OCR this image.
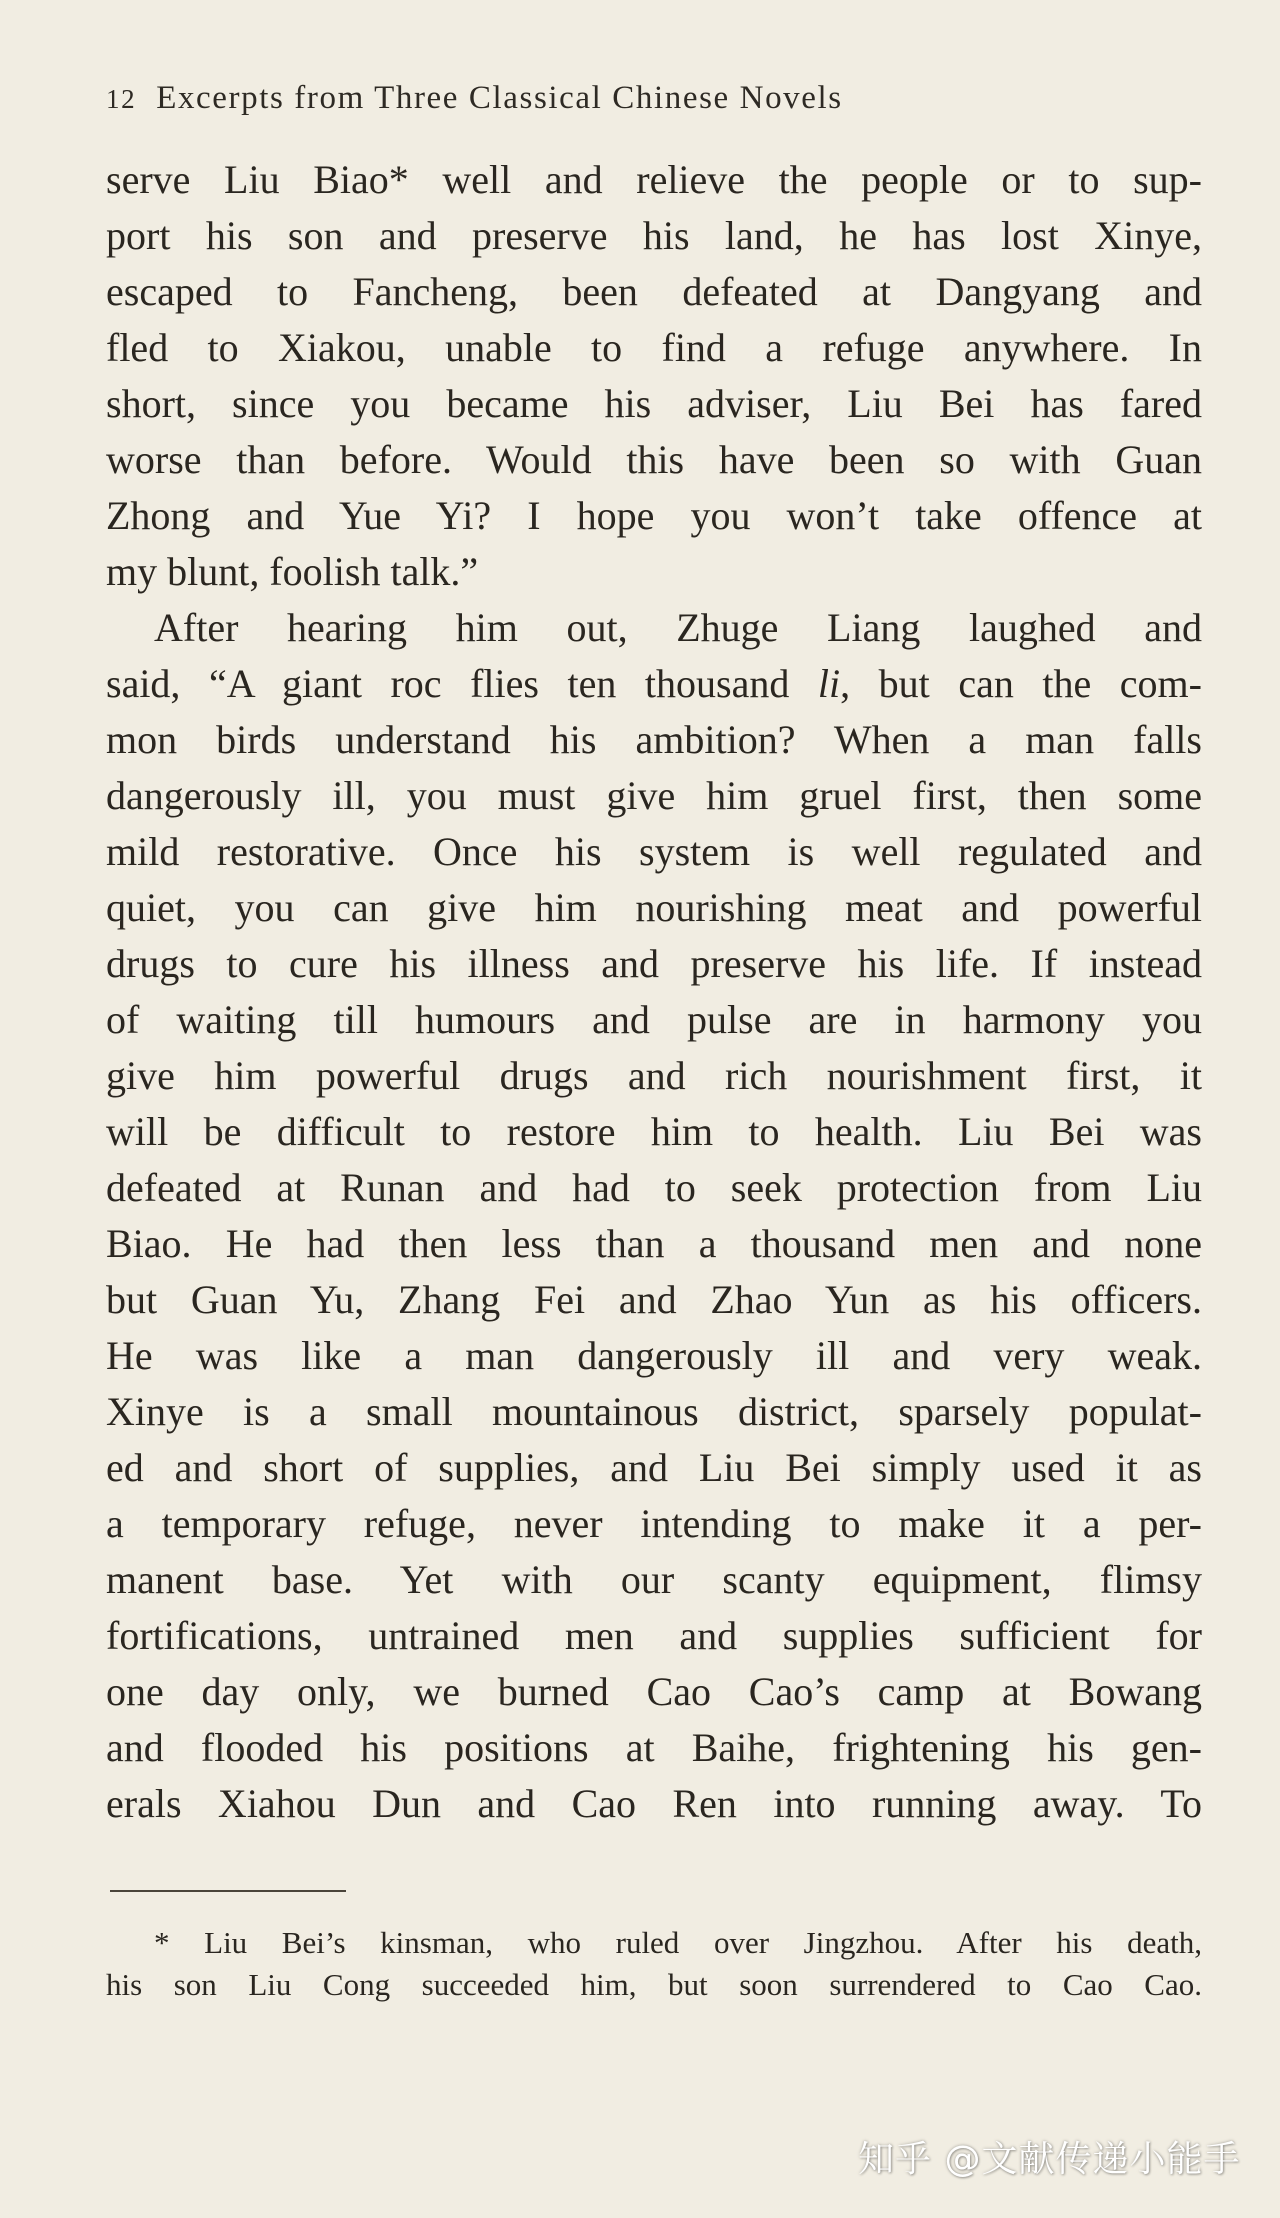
12 Excerpts from Three Classical Chinese Novels
serve Liu Biao* well and relieve the people or to sup-
port his son and preserve his land, he has lost Xinye,
escaped to Fancheng, been defeated at Dangyang and
fled to Xiakou, unable to find a refuge anywhere. In
short, since you became his adviser, Liu Bei has fared
worse than before. Would this have been so with Guan
Zhong and Yue Yi? I hope you won’t take offence at
my blunt, foolish talk.”
After hearing him out, Zhuge Liang laughed and
said, “A giant roc flies ten thousand li, but can the com-
mon birds understand his ambition? When a man falls
dangerously ill, you must give him gruel first, then some
mild restorative. Once his system is well regulated and
quiet, you can give him nourishing meat and powerful
drugs to cure his illness and preserve his life. If instead
of waiting till humours and pulse are in harmony you
give him powerful drugs and rich nourishment first, it
will be difficult to restore him to health. Liu Bei was
defeated at Runan and had to seek protection from Liu
Biao. He had then less than a thousand men and none
but Guan Yu, Zhang Fei and Zhao Yun as his officers.
He was like a man dangerously ill and very weak.
Xinye is a small mountainous district, sparsely populat-
ed and short of supplies, and Liu Bei simply used it as
a temporary refuge, never intending to make it a per-
manent base. Yet with our scanty equipment, flimsy
fortifications, untrained men and supplies sufficient for
one day only, we burned Cao Cao’s camp at Bowang
and flooded his positions at Baihe, frightening his gen-
erals Xiahou Dun and Cao Ren into running away. To
* Liu Bei’s kinsman, who ruled over Jingzhou. After his death,
his son Liu Cong succeeded him, but soon surrendered to Cao Cao.
知乎 @文献传递小能手
